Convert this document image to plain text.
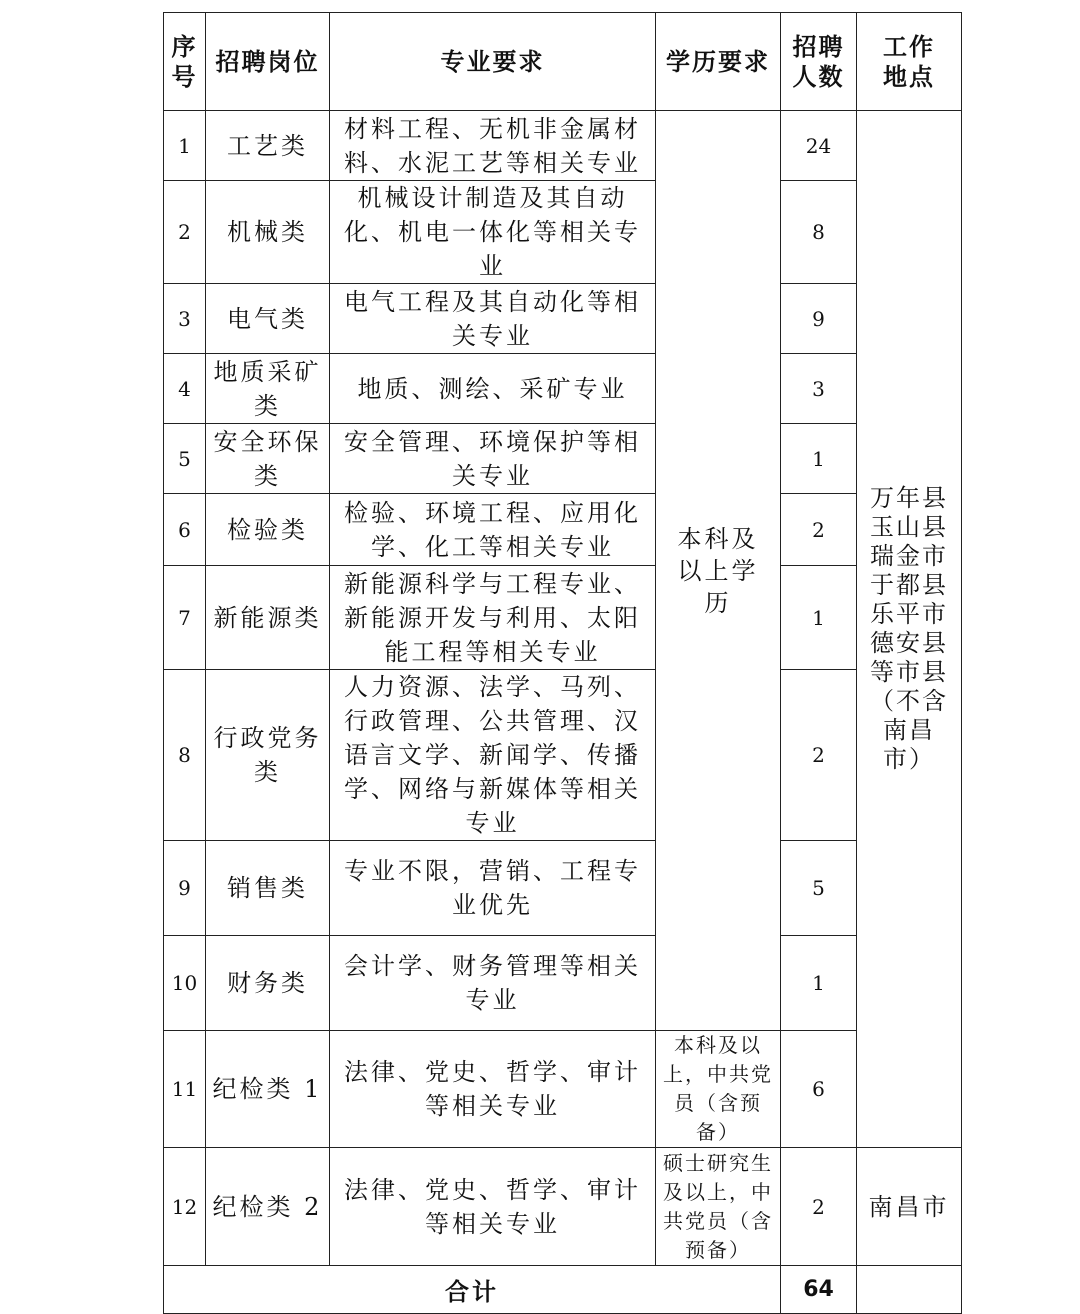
序号	招聘岗位	专业要求	学历要求	招聘人数	工作地点
1	工艺类	材料工程、无机非金属材料、水泥工艺等相关专业	本科及以上学历	24	万年县玉山县瑞金市于都县乐平市德安县等市县（不含南昌市）
2	机械类	机械设计制造及其自动化、机电一体化等相关专业		8	
3	电气类	电气工程及其自动化等相关专业		9	
4	地质采矿类	地质、测绘、采矿专业		3	
5	安全环保类	安全管理、环境保护等相关专业		1	
6	检验类	检验、环境工程、应用化学、化工等相关专业		2	
7	新能源类	新能源科学与工程专业、新能源开发与利用、太阳能工程等相关专业		1	
8	行政党务类	人力资源、法学、马列、行政管理、公共管理、汉语言文学、新闻学、传播学、网络与新媒体等相关专业		2	
9	销售类	专业不限，营销、工程专业优先		5	
10	财务类	会计学、财务管理等相关专业		1	
11	纪检类 1	法律、党史、哲学、审计等相关专业	本科及以上，中共党员（含预备）	6	
12	纪检类 2	法律、党史、哲学、审计等相关专业	硕士研究生及以上，中共党员（含预备）	2	南昌市
合计				64	
